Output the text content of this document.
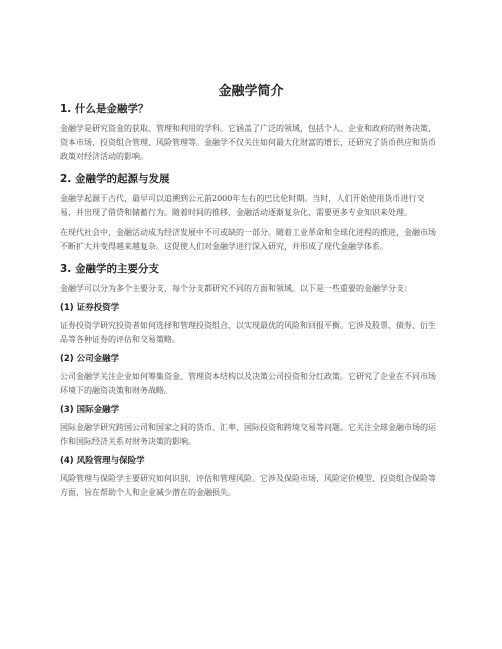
金融学简介
1. 什么是金融学？

金融学是研究资金的获取、管理和利用的学科。它涵盖了广泛的领域，包括个人、企业和政府的财务决策、资本市场、投资组合管理、风险管理等。金融学不仅关注如何最大化财富的增长，还研究了货币供应和货币政策对经济活动的影响。

2. 金融学的起源与发展

金融学起源于古代，最早可以追溯到公元前2000年左右的巴比伦时期。当时，人们开始使用货币进行交易，并出现了借贷和储蓄行为。随着时间的推移，金融活动逐渐复杂化，需要更多专业知识来处理。

在现代社会中，金融活动成为经济发展中不可或缺的一部分。随着工业革命和全球化进程的推进，金融市场不断扩大并变得越来越复杂。这促使人们对金融学进行深入研究，并形成了现代金融学体系。

3. 金融学的主要分支

金融学可以分为多个主要分支，每个分支都研究不同的方面和领域。以下是一些重要的金融学分支：

(1) 证券投资学

证券投资学研究投资者如何选择和管理投资组合，以实现最优的风险和回报平衡。它涉及股票、债券、衍生品等各种证券的评估和交易策略。

(2) 公司金融学

公司金融学关注企业如何筹集资金、管理资本结构以及决策公司投资和分红政策。它研究了企业在不同市场环境下的融资决策和财务战略。

(3) 国际金融学

国际金融学研究跨国公司和国家之间的货币、汇率、国际投资和跨境交易等问题。它关注全球金融市场的运作和国际经济关系对财务决策的影响。

(4) 风险管理与保险学

风险管理与保险学主要研究如何识别、评估和管理风险。它涉及保险市场、风险定价模型、投资组合保险等方面，旨在帮助个人和企业减少潜在的金融损失。
